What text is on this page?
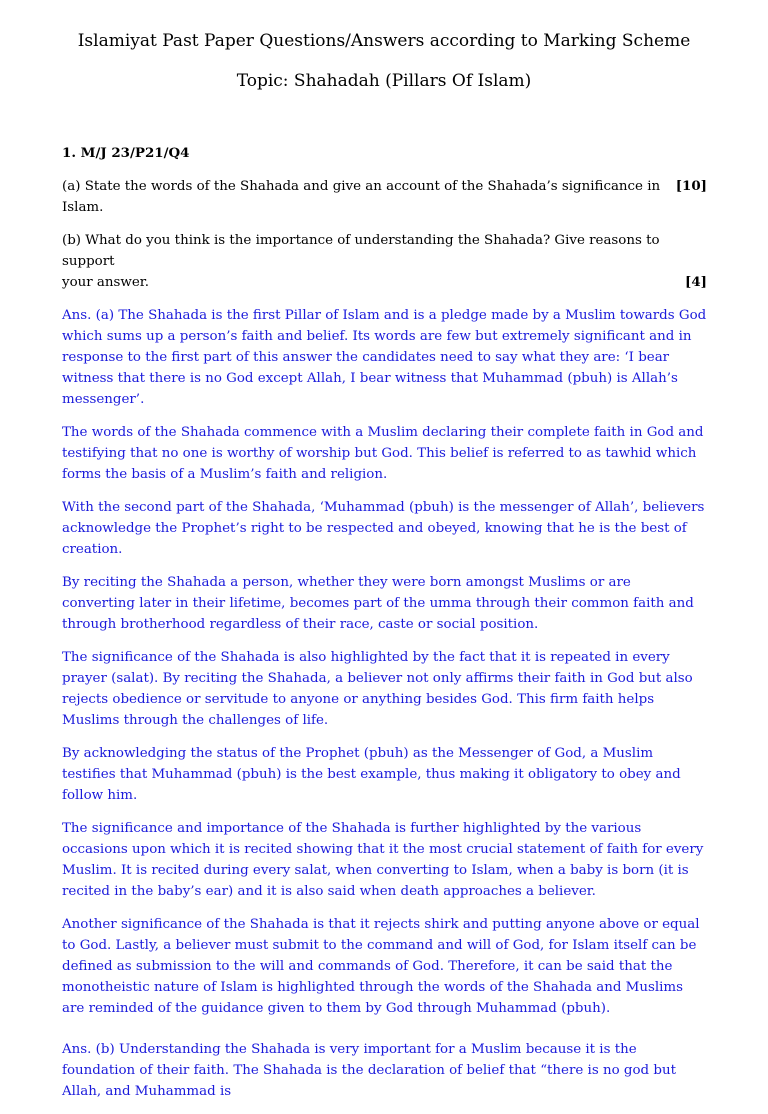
Islamiyat Past Paper Questions/Answers according to Marking Scheme
Topic: Shahadah (Pillars Of Islam)

1. M/J 23/P21/Q4

(a) State the words of the Shahada and give an account of the Shahada’s significance in Islam.
[10]

(b) What do you think is the importance of understanding the Shahada? Give reasons to support
your answer.	[4]

Ans. (a) The Shahada is the first Pillar of Islam and is a pledge made by a Muslim towards God which sums up a person’s faith and belief. Its words are few but extremely significant and in response to the first part of this answer the candidates need to say what they are: ‘I bear witness that there is no God except Allah, I bear witness that Muhammad (pbuh) is Allah’s messenger’.

The words of the Shahada commence with a Muslim declaring their complete faith in God and testifying that no one is worthy of worship but God. This belief is referred to as tawhid which forms the basis of a Muslim’s faith and religion.

With the second part of the Shahada, ‘Muhammad (pbuh) is the messenger of Allah’, believers acknowledge the Prophet’s right to be respected and obeyed, knowing that he is the best of creation.

By reciting the Shahada a person, whether they were born amongst Muslims or are converting later in their lifetime, becomes part of the umma through their common faith and through brotherhood regardless of their race, caste or social position.

The significance of the Shahada is also highlighted by the fact that it is repeated in every prayer (salat). By reciting the Shahada, a believer not only affirms their faith in God but also rejects obedience or servitude to anyone or anything besides God. This firm faith helps Muslims through the challenges of life.

By acknowledging the status of the Prophet (pbuh) as the Messenger of God, a Muslim testifies that Muhammad (pbuh) is the best example, thus making it obligatory to obey and follow him.

The significance and importance of the Shahada is further highlighted by the various occasions upon which it is recited showing that it the most crucial statement of faith for every Muslim. It is recited during every salat, when converting to Islam, when a baby is born (it is recited in the baby’s ear) and it is also said when death approaches a believer.

Another significance of the Shahada is that it rejects shirk and putting anyone above or equal to God. Lastly, a believer must submit to the command and will of God, for Islam itself can be defined as submission to the will and commands of God. Therefore, it can be said that the monotheistic nature of Islam is highlighted through the words of the Shahada and Muslims are reminded of the guidance given to them by God through Muhammad (pbuh).

Ans. (b) Understanding the Shahada is very important for a Muslim because it is the foundation of their faith. The Shahada is the declaration of belief that “there is no god but Allah, and Muhammad is
